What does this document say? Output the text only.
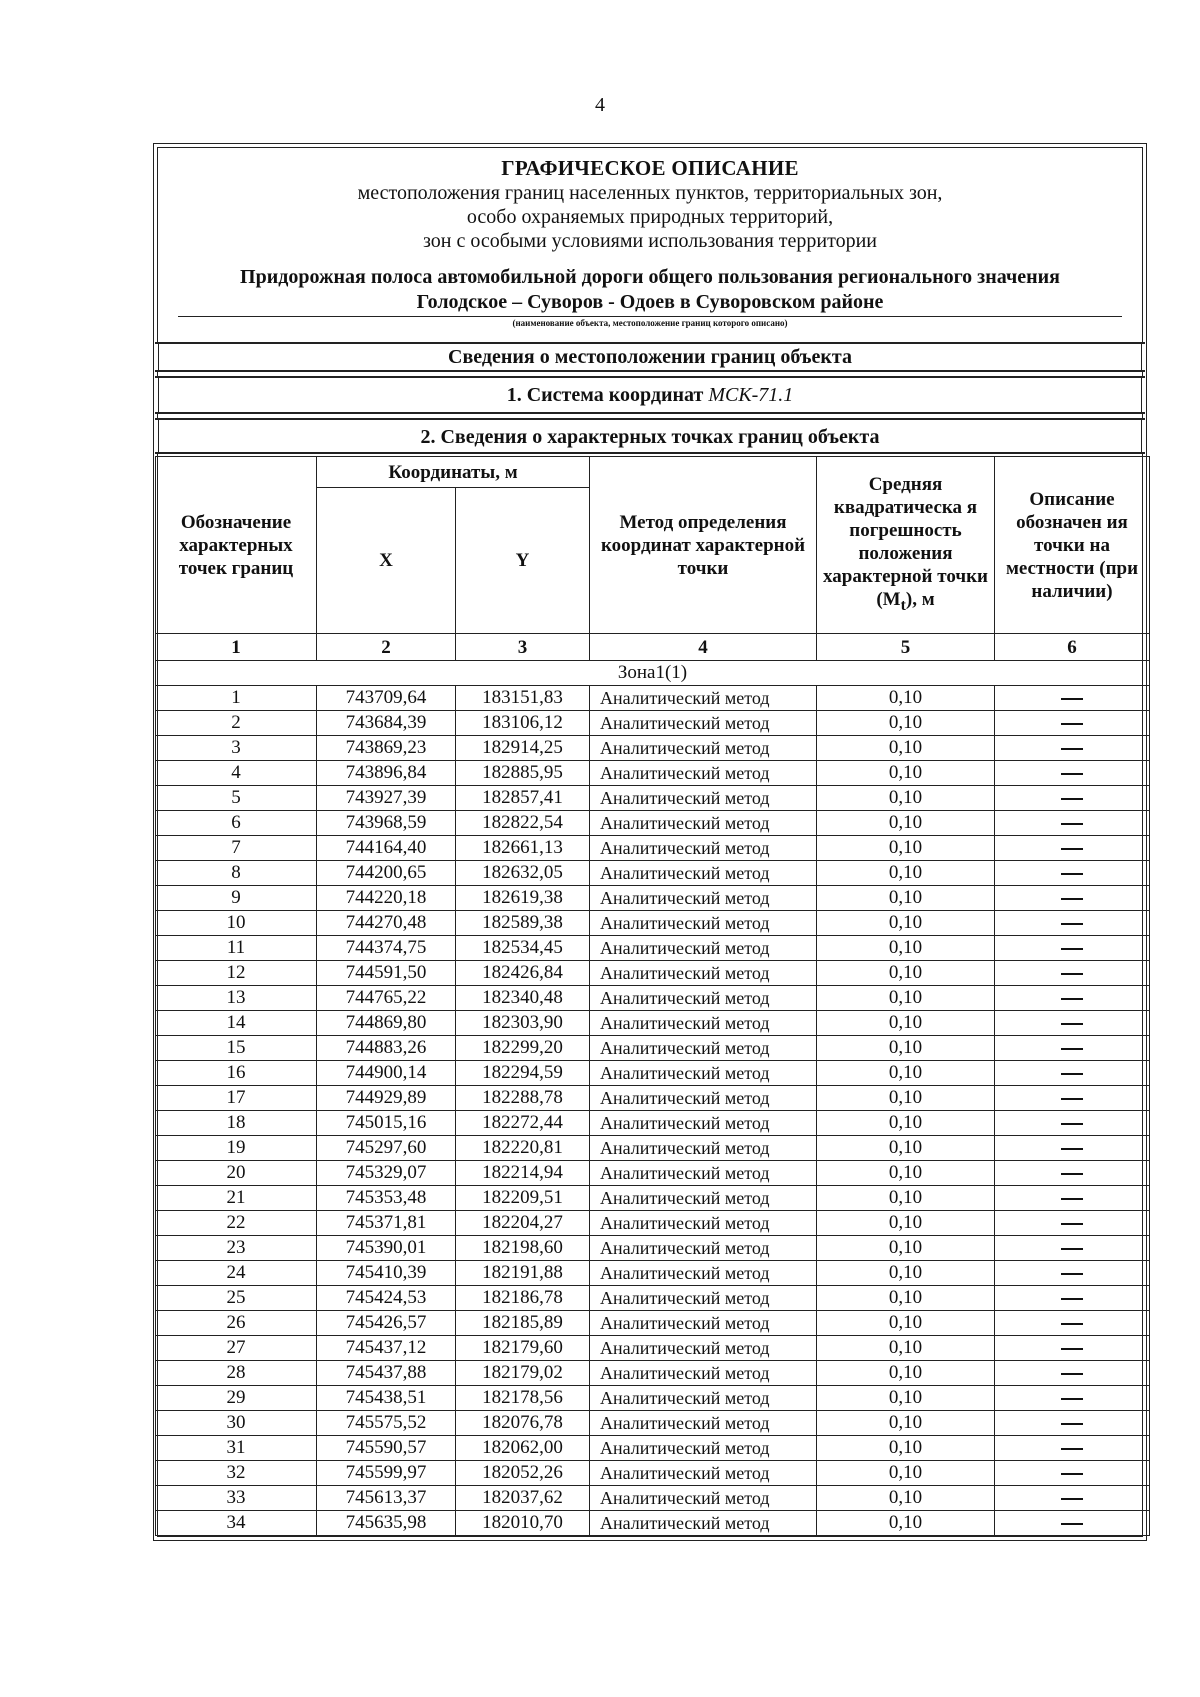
4
ГРАФИЧЕСКОЕ ОПИСАНИЕ
местоположения границ населенных пунктов, территориальных зон,
особо охраняемых природных территорий,
зон с особыми условиями использования территории
Придорожная полоса автомобильной дороги общего пользования регионального значения
Голодское – Суворов - Одоев в Суворовском районе
(наименование объекта, местоположение границ которого описано)
Сведения о местоположении границ объекта
1. Система координат МСК-71.1
2. Сведения о характерных точках границ объекта
Обозначение характерных точек границ	Координаты, м		Метод определения координат характерной точки	Средняя квадратическа я погрешность положения характерной точки $(M_t)$, м	Описание обозначен ия точки на местности (при наличии)
	X	Y			
1	2	3	4	5	6
Зона1(1)					
1	743709,64	183151,83	Аналитический метод	0,10	
2	743684,39	183106,12	Аналитический метод	0,10	
3	743869,23	182914,25	Аналитический метод	0,10	
4	743896,84	182885,95	Аналитический метод	0,10	
5	743927,39	182857,41	Аналитический метод	0,10	
6	743968,59	182822,54	Аналитический метод	0,10	
7	744164,40	182661,13	Аналитический метод	0,10	
8	744200,65	182632,05	Аналитический метод	0,10	
9	744220,18	182619,38	Аналитический метод	0,10	
10	744270,48	182589,38	Аналитический метод	0,10	
11	744374,75	182534,45	Аналитический метод	0,10	
12	744591,50	182426,84	Аналитический метод	0,10	
13	744765,22	182340,48	Аналитический метод	0,10	
14	744869,80	182303,90	Аналитический метод	0,10	
15	744883,26	182299,20	Аналитический метод	0,10	
16	744900,14	182294,59	Аналитический метод	0,10	
17	744929,89	182288,78	Аналитический метод	0,10	
18	745015,16	182272,44	Аналитический метод	0,10	
19	745297,60	182220,81	Аналитический метод	0,10	
20	745329,07	182214,94	Аналитический метод	0,10	
21	745353,48	182209,51	Аналитический метод	0,10	
22	745371,81	182204,27	Аналитический метод	0,10	
23	745390,01	182198,60	Аналитический метод	0,10	
24	745410,39	182191,88	Аналитический метод	0,10	
25	745424,53	182186,78	Аналитический метод	0,10	
26	745426,57	182185,89	Аналитический метод	0,10	
27	745437,12	182179,60	Аналитический метод	0,10	
28	745437,88	182179,02	Аналитический метод	0,10	
29	745438,51	182178,56	Аналитический метод	0,10	
30	745575,52	182076,78	Аналитический метод	0,10	
31	745590,57	182062,00	Аналитический метод	0,10	
32	745599,97	182052,26	Аналитический метод	0,10	
33	745613,37	182037,62	Аналитический метод	0,10	
34	745635,98	182010,70	Аналитический метод	0,10	
